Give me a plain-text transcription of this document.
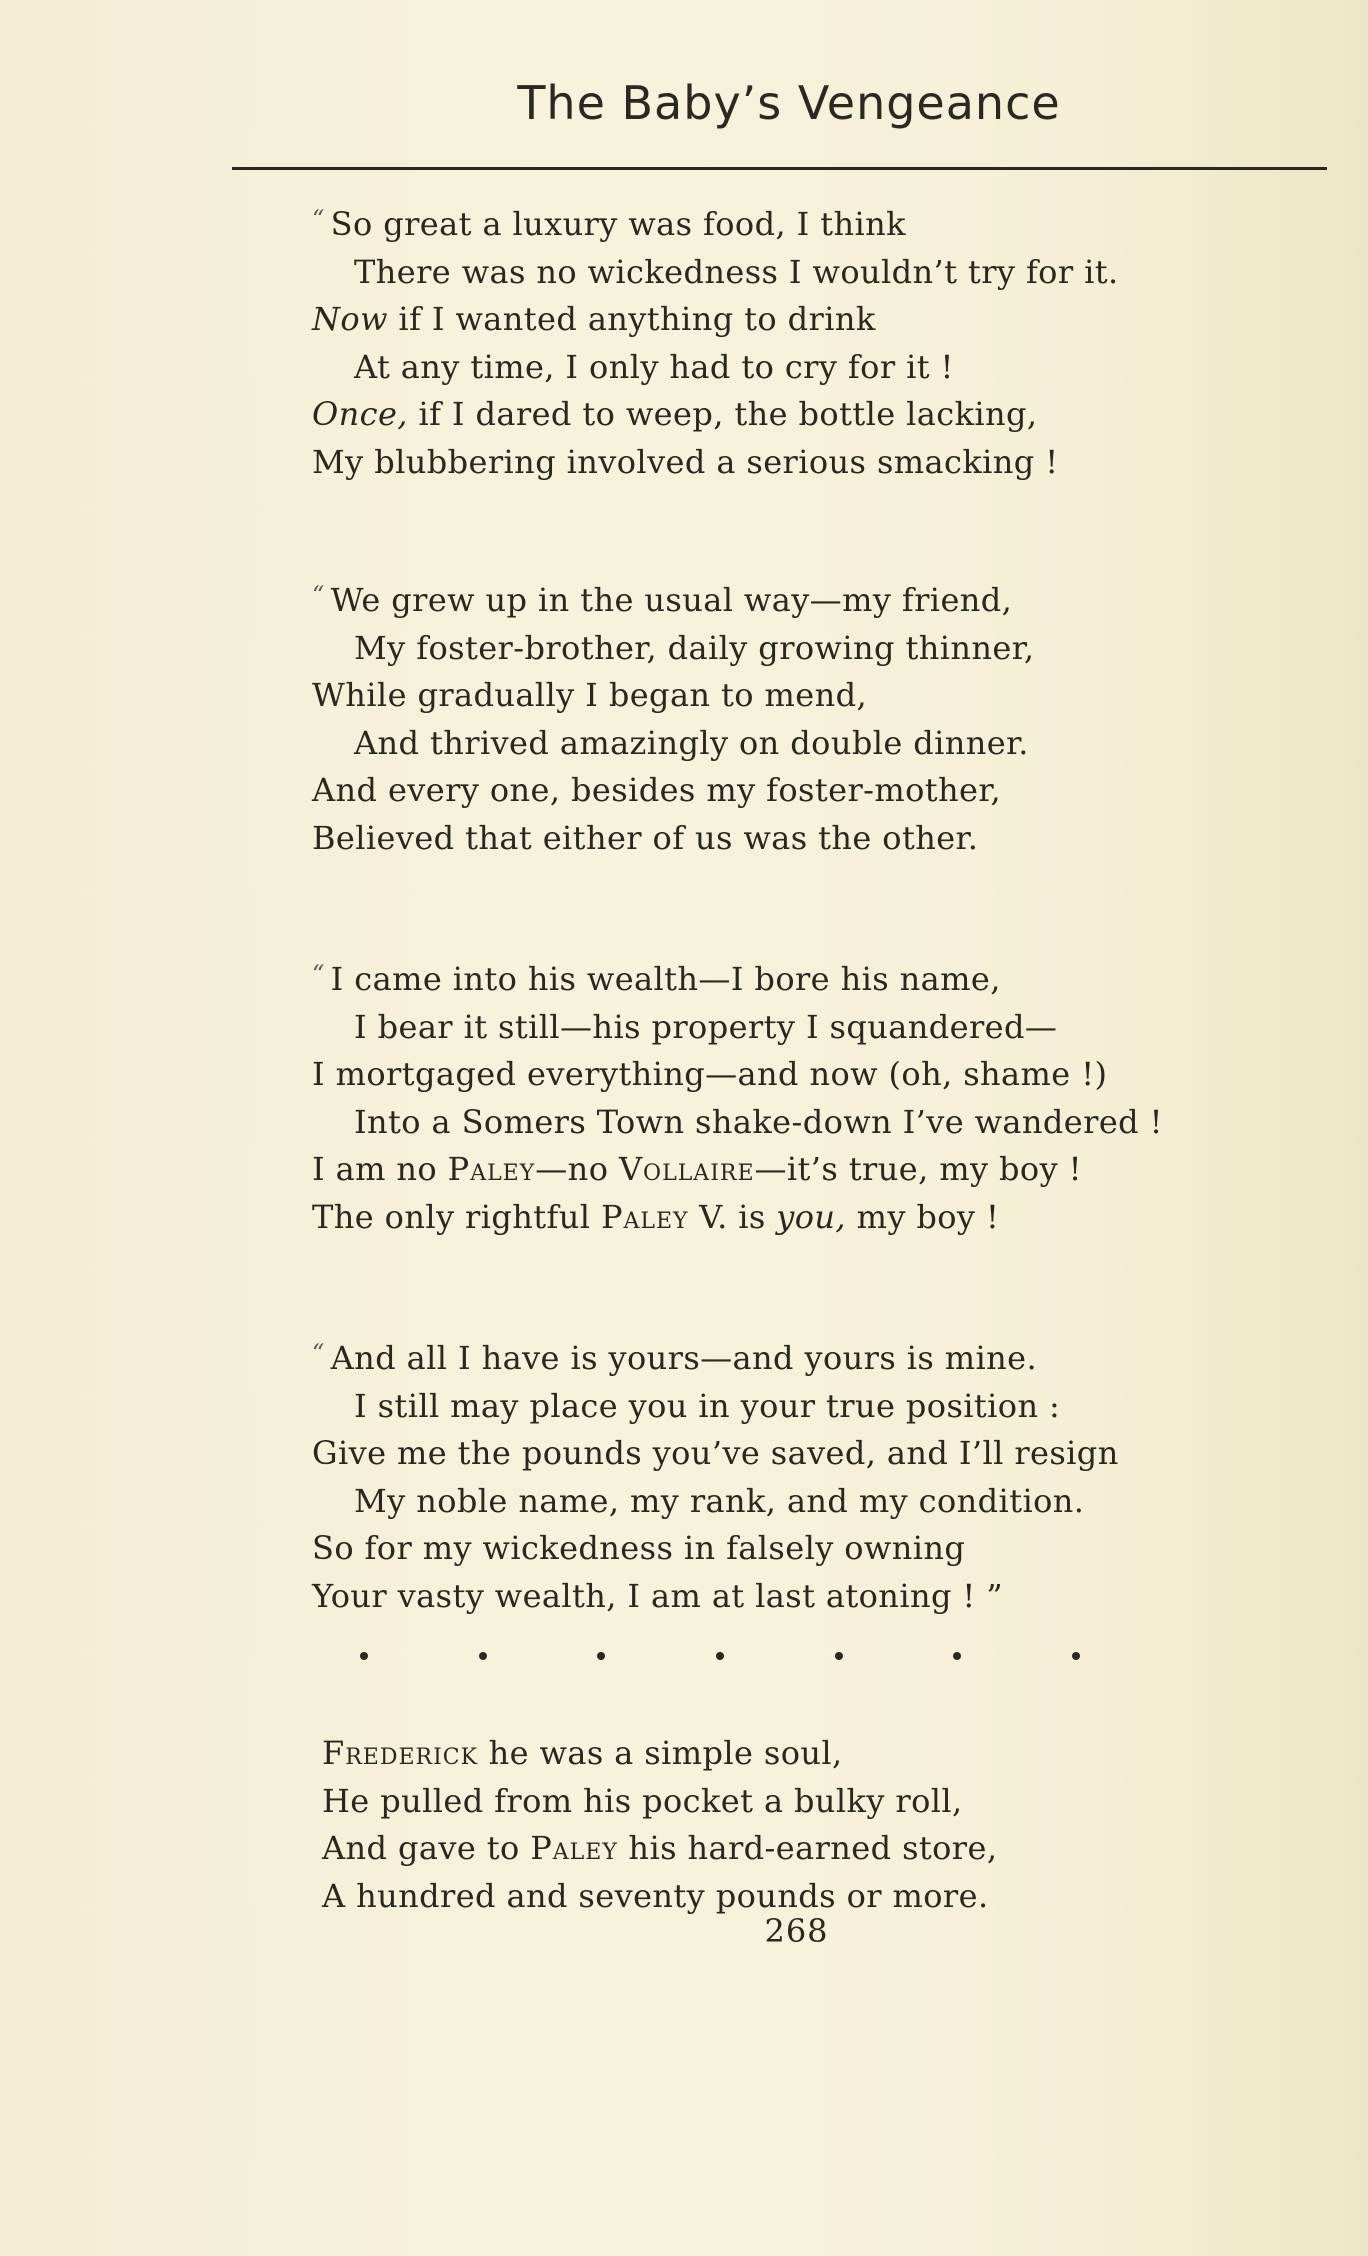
The Baby’s Vengeance
“ So great a luxury was food, I think
There was no wickedness I wouldn’t try for it.
Now if I wanted anything to drink
At any time, I only had to cry for it !
Once, if I dared to weep, the bottle lacking,
My blubbering involved a serious smacking !
“ We grew up in the usual way—my friend,
My foster-brother, daily growing thinner,
While gradually I began to mend,
And thrived amazingly on double dinner.
And every one, besides my foster-mother,
Believed that either of us was the other.
“ I came into his wealth—I bore his name,
I bear it still—his property I squandered—
I mortgaged everything—and now (oh, shame !)
Into a Somers Town shake-down I’ve wandered !
I am no Paley—no Vollaire—it’s true, my boy !
The only rightful Paley V. is you, my boy !
“ And all I have is yours—and yours is mine.
I still may place you in your true position :
Give me the pounds you’ve saved, and I’ll resign
My noble name, my rank, and my condition.
So for my wickedness in falsely owning
Your vasty wealth, I am at last atoning ! ”
Frederick he was a simple soul,
He pulled from his pocket a bulky roll,
And gave to Paley his hard-earned store,
A hundred and seventy pounds or more.
268
